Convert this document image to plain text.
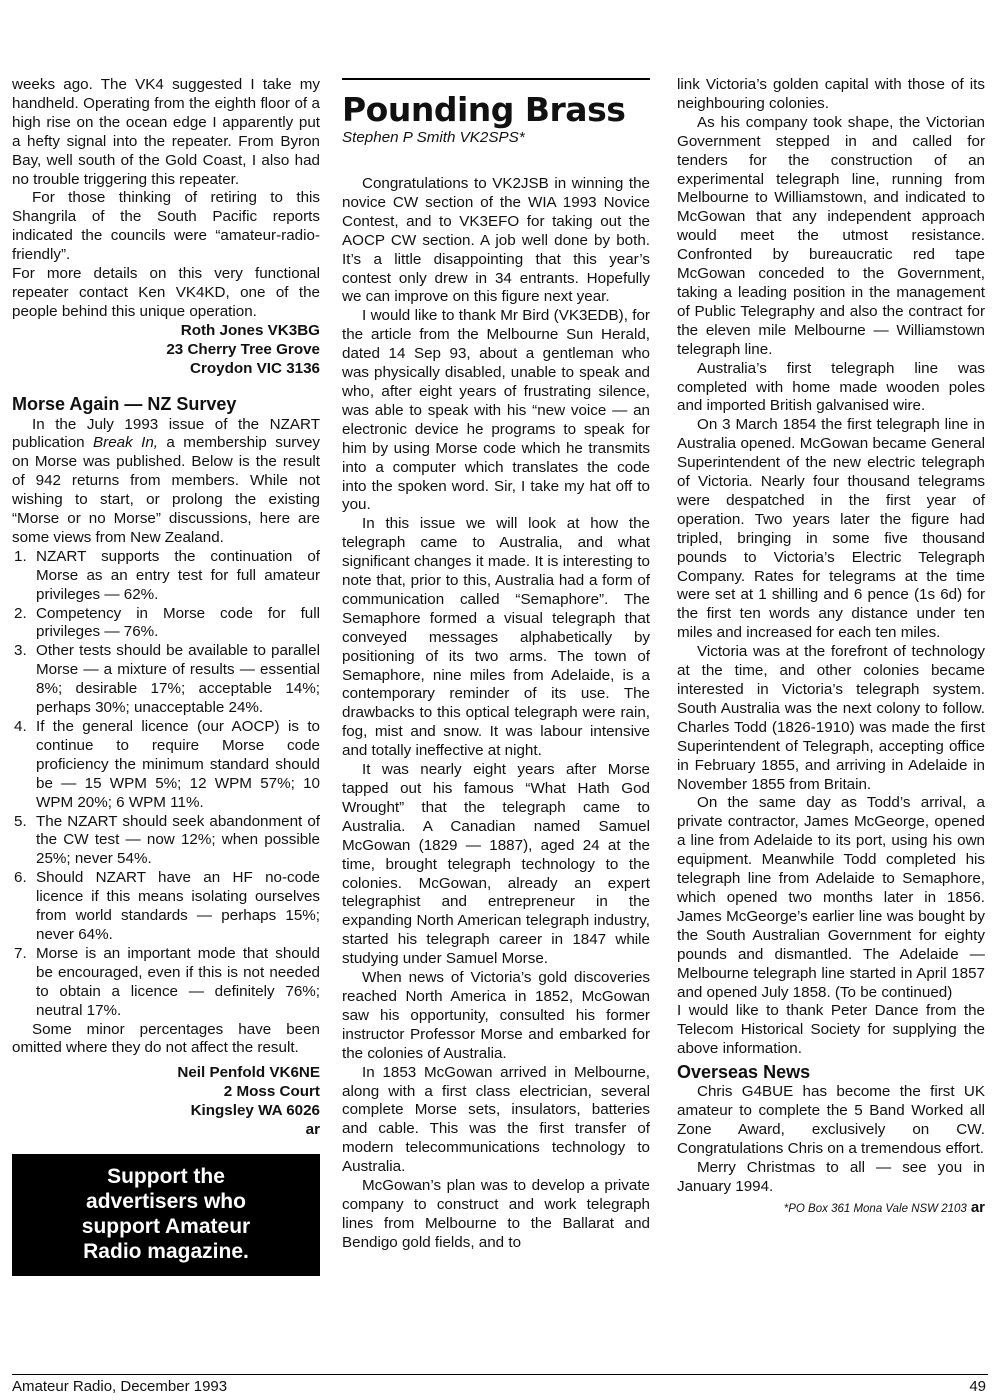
weeks ago. The VK4 suggested I take my handheld. Operating from the eighth floor of a high rise on the ocean edge I apparently put a hefty signal into the repeater. From Byron Bay, well south of the Gold Coast, I also had no trouble triggering this repeater.

For those thinking of retiring to this Shangrila of the South Pacific reports indicated the councils were “amateur-radio-friendly”.

For more details on this very functional repeater contact Ken VK4KD, one of the people behind this unique operation.

Roth Jones VK3BG
23 Cherry Tree Grove
Croydon VIC 3136
Morse Again — NZ Survey

In the July 1993 issue of the NZART publication Break In, a membership survey on Morse was published. Below is the result of 942 returns from members. While not wishing to start, or prolong the existing “Morse or no Morse” discussions, here are some views from New Zealand.

1. NZART supports the continuation of Morse as an entry test for full amateur privileges — 62%.
2. Competency in Morse code for full privileges — 76%.
3. Other tests should be available to parallel Morse — a mixture of results — essential 8%; desirable 17%; acceptable 14%; perhaps 30%; unacceptable 24%.
4. If the general licence (our AOCP) is to continue to require Morse code proficiency the minimum standard should be — 15 WPM 5%; 12 WPM 57%; 10 WPM 20%; 6 WPM 11%.
5. The NZART should seek abandonment of the CW test — now 12%; when possible 25%; never 54%.
6. Should NZART have an HF no-code licence if this means isolating ourselves from world standards — perhaps 15%; never 64%.
7. Morse is an important mode that should be encouraged, even if this is not needed to obtain a licence — definitely 76%; neutral 17%.

Some minor percentages have been omitted where they do not affect the result.

Neil Penfold VK6NE
2 Moss Court
Kingsley WA 6026
ar
Support the
advertisers who
support Amateur
Radio magazine.
Pounding Brass
Stephen P Smith VK2SPS*

Congratulations to VK2JSB in winning the novice CW section of the WIA 1993 Novice Contest, and to VK3EFO for taking out the AOCP CW section. A job well done by both. It’s a little disappointing that this year’s contest only drew in 34 entrants. Hopefully we can improve on this figure next year.

I would like to thank Mr Bird (VK3EDB), for the article from the Melbourne Sun Herald, dated 14 Sep 93, about a gentleman who was physically disabled, unable to speak and who, after eight years of frustrating silence, was able to speak with his “new voice — an electronic device he programs to speak for him by using Morse code which he transmits into a computer which translates the code into the spoken word. Sir, I take my hat off to you.

In this issue we will look at how the telegraph came to Australia, and what significant changes it made. It is interesting to note that, prior to this, Australia had a form of communication called “Semaphore”. The Semaphore formed a visual telegraph that conveyed messages alphabetically by positioning of its two arms. The town of Semaphore, nine miles from Adelaide, is a contemporary reminder of its use. The drawbacks to this optical telegraph were rain, fog, mist and snow. It was labour intensive and totally ineffective at night.

It was nearly eight years after Morse tapped out his famous “What Hath God Wrought” that the telegraph came to Australia. A Canadian named Samuel McGowan (1829 — 1887), aged 24 at the time, brought telegraph technology to the colonies. McGowan, already an expert telegraphist and entrepreneur in the expanding North American telegraph industry, started his telegraph career in 1847 while studying under Samuel Morse.

When news of Victoria’s gold discoveries reached North America in 1852, McGowan saw his opportunity, consulted his former instructor Professor Morse and embarked for the colonies of Australia.

In 1853 McGowan arrived in Melbourne, along with a first class electrician, several complete Morse sets, insulators, batteries and cable. This was the first transfer of modern telecommunications technology to Australia.

McGowan’s plan was to develop a private company to construct and work telegraph lines from Melbourne to the Ballarat and Bendigo gold fields, and to

link Victoria’s golden capital with those of its neighbouring colonies.

As his company took shape, the Victorian Government stepped in and called for tenders for the construction of an experimental telegraph line, running from Melbourne to Williamstown, and indicated to McGowan that any independent approach would meet the utmost resistance. Confronted by bureaucratic red tape McGowan conceded to the Government, taking a leading position in the management of Public Telegraphy and also the contract for the eleven mile Melbourne — Williamstown telegraph line.

Australia’s first telegraph line was completed with home made wooden poles and imported British galvanised wire.

On 3 March 1854 the first telegraph line in Australia opened. McGowan became General Superintendent of the new electric telegraph of Victoria. Nearly four thousand telegrams were despatched in the first year of operation. Two years later the figure had tripled, bringing in some five thousand pounds to Victoria’s Electric Telegraph Company. Rates for telegrams at the time were set at 1 shilling and 6 pence (1s 6d) for the first ten words any distance under ten miles and increased for each ten miles.

Victoria was at the forefront of technology at the time, and other colonies became interested in Victoria’s telegraph system. South Australia was the next colony to follow. Charles Todd (1826-1910) was made the first Superintendent of Telegraph, accepting office in February 1855, and arriving in Adelaide in November 1855 from Britain.

On the same day as Todd’s arrival, a private contractor, James McGeorge, opened a line from Adelaide to its port, using his own equipment. Meanwhile Todd completed his telegraph line from Adelaide to Semaphore, which opened two months later in 1856. James McGeorge’s earlier line was bought by the South Australian Government for eighty pounds and dismantled. The Adelaide — Melbourne telegraph line started in April 1857 and opened July 1858. (To be continued)

I would like to thank Peter Dance from the Telecom Historical Society for supplying the above information.

Overseas News

Chris G4BUE has become the first UK amateur to complete the 5 Band Worked all Zone Award, exclusively on CW. Congratulations Chris on a tremendous effort.

Merry Christmas to all — see you in January 1994.

*PO Box 361 Mona Vale NSW 2103 ar
Amateur Radio, December 1993	49
